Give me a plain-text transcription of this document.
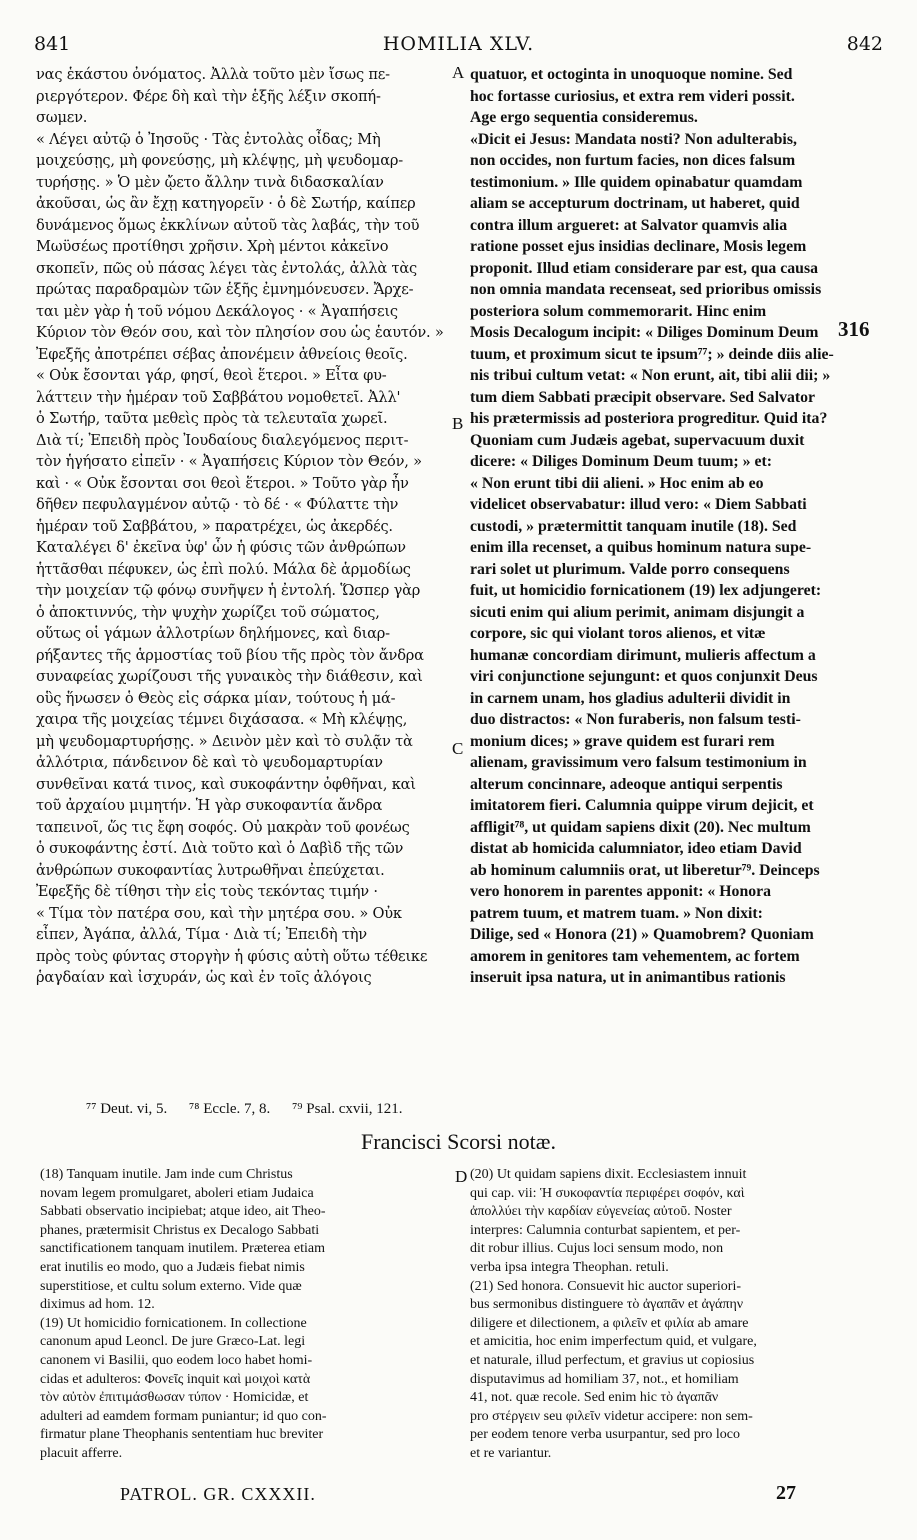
841	HOMILIA XLV.	842
νας ἑκάστου ὀνόματος. Ἀλλὰ τοῦτο μὲν ἴσως πε-
ριεργότερον. Φέρε δὴ καὶ τὴν ἑξῆς λέξιν σκοπή-
σωμεν.
« Λέγει αὐτῷ ὁ Ἰησοῦς · Τὰς ἐντολὰς οἶδας; Μὴ
μοιχεύσῃς, μὴ φονεύσῃς, μὴ κλέψῃς, μὴ ψευδομαρ-
τυρήσῃς. » Ὁ μὲν ᾤετο ἄλλην τινὰ διδασκαλίαν
ἀκοῦσαι, ὡς ἂν ἔχῃ κατηγορεῖν · ὁ δὲ Σωτήρ, καίπερ
δυνάμενος ὅμως ἐκκλίνων αὐτοῦ τὰς λαβάς, τὴν τοῦ
Μωϋσέως προτίθησι χρῆσιν. Χρὴ μέντοι κἀκεῖνο
σκοπεῖν, πῶς οὐ πάσας λέγει τὰς ἐντολάς, ἀλλὰ τὰς
πρώτας παραδραμὼν τῶν ἑξῆς ἐμνημόνευσεν. Ἄρχε-
ται μὲν γὰρ ἡ τοῦ νόμου Δεκάλογος · « Ἀγαπήσεις
Κύριον τὸν Θεόν σου, καὶ τὸν πλησίον σου ὡς ἑαυτόν. »
Ἐφεξῆς ἀποτρέπει σέβας ἀπονέμειν ἀθνείοις θεοῖς.
« Οὐκ ἔσονται γάρ, φησί, θεοὶ ἕτεροι. » Εἶτα φυ-
λάττειν τὴν ἡμέραν τοῦ Σαββάτου νομοθετεῖ. Ἀλλ'
ὁ Σωτήρ, ταῦτα μεθεὶς πρὸς τὰ τελευταῖα χωρεῖ.
Διὰ τί; Ἐπειδὴ πρὸς Ἰουδαίους διαλεγόμενος περιτ-
τὸν ἡγήσατο εἰπεῖν · « Ἀγαπήσεις Κύριον τὸν Θεόν, »
καὶ · « Οὐκ ἔσονται σοι θεοὶ ἕτεροι. » Τοῦτο γὰρ ἦν
δῆθεν πεφυλαγμένον αὐτῷ · τὸ δέ · « Φύλαττε τὴν
ἡμέραν τοῦ Σαββάτου, » παρατρέχει, ὡς ἀκερδές.
Καταλέγει δ' ἐκεῖνα ὑφ' ὧν ἡ φύσις τῶν ἀνθρώπων
ἡττᾶσθαι πέφυκεν, ὡς ἐπὶ πολύ. Μάλα δὲ ἁρμοδίως
τὴν μοιχείαν τῷ φόνῳ συνῆψεν ἡ ἐντολή. Ὥσπερ γὰρ
ὁ ἀποκτιννύς, τὴν ψυχὴν χωρίζει τοῦ σώματος,
οὕτως οἱ γάμων ἀλλοτρίων δηλήμονες, καὶ διαρ-
ρήξαντες τῆς ἁρμοστίας τοῦ βίου τῆς πρὸς τὸν ἄνδρα
συναφείας χωρίζουσι τῆς γυναικὸς τὴν διάθεσιν, καὶ
οὓς ἥνωσεν ὁ Θεὸς εἰς σάρκα μίαν, τούτους ἡ μά-
χαιρα τῆς μοιχείας τέμνει διχάσασα. « Μὴ κλέψῃς,
μὴ ψευδομαρτυρήσῃς. » Δεινὸν μὲν καὶ τὸ συλᾷν τὰ
ἀλλότρια, πάνδεινον δὲ καὶ τὸ ψευδομαρτυρίαν
συνθεῖναι κατά τινος, καὶ συκοφάντην ὀφθῆναι, καὶ
τοῦ ἀρχαίου μιμητήν. Ἡ γὰρ συκοφαντία ἄνδρα
ταπεινοῖ, ὥς τις ἔφη σοφός. Οὐ μακρὰν τοῦ φονέως
ὁ συκοφάντης ἐστί. Διὰ τοῦτο καὶ ὁ Δαβὶδ τῆς τῶν
ἀνθρώπων συκοφαντίας λυτρωθῆναι ἐπεύχεται.
Ἐφεξῆς δὲ τίθησι τὴν εἰς τοὺς τεκόντας τιμήν ·
« Τίμα τὸν πατέρα σου, καὶ τὴν μητέρα σου. » Οὐκ
εἶπεν, Ἀγάπα, ἀλλά, Τίμα · Διὰ τί; Ἐπειδὴ τὴν
πρὸς τοὺς φύντας στοργὴν ἡ φύσις αὐτὴ οὕτω τέθεικε
ῥαγδαίαν καὶ ἰσχυράν, ὡς καὶ ἐν τοῖς ἀλόγοις
quatuor, et octoginta in unoquoque nomine. Sed
hoc fortasse curiosius, et extra rem videri possit.
Age ergo sequentia consideremus.
«Dicit ei Jesus: Mandata nosti? Non adulterabis,
non occides, non furtum facies, non dices falsum
testimonium. » Ille quidem opinabatur quamdam
aliam se accepturum doctrinam, ut haberet, quid
contra illum argueret: at Salvator quamvis alia
ratione posset ejus insidias declinare, Mosis legem
proponit. Illud etiam considerare par est, qua causa
non omnia mandata recenseat, sed prioribus omissis
posteriora solum commemorarit. Hinc enim
Mosis Decalogum incipit: « Diliges Dominum Deum
tuum, et proximum sicut te ipsum⁷⁷; » deinde diis alie-
nis tribui cultum vetat: « Non erunt, ait, tibi alii dii; »
tum diem Sabbati præcipit observare. Sed Salvator
his prætermissis ad posteriora progreditur. Quid ita?
Quoniam cum Judæis agebat, supervacuum duxit
dicere: « Diliges Dominum Deum tuum; » et:
« Non erunt tibi dii alieni. » Hoc enim ab eo
videlicet observabatur: illud vero: « Diem Sabbati
custodi, » prætermittit tanquam inutile (18). Sed
enim illa recenset, a quibus hominum natura supe-
rari solet ut plurimum. Valde porro consequens
fuit, ut homicidio fornicationem (19) lex adjungeret:
sicuti enim qui alium perimit, animam disjungit a
corpore, sic qui violant toros alienos, et vitæ
humanæ concordiam dirimunt, mulieris affectum a
viri conjunctione sejungunt: et quos conjunxit Deus
in carnem unam, hos gladius adulterii dividit in
duo distractos: « Non furaberis, non falsum testi-
monium dices; » grave quidem est furari rem
alienam, gravissimum vero falsum testimonium in
alterum concinnare, adeoque antiqui serpentis
imitatorem fieri. Calumnia quippe virum dejicit, et
affligit⁷⁸, ut quidam sapiens dixit (20). Nec multum
distat ab homicida calumniator, ideo etiam David
ab hominum calumniis orat, ut liberetur⁷⁹. Deinceps
vero honorem in parentes apponit: « Honora
patrem tuum, et matrem tuam. » Non dixit:
Dilige, sed « Honora (21) » Quamobrem? Quoniam
amorem in genitores tam vehementem, ac fortem
inseruit ipsa natura, ut in animantibus rationis
A
B
C
D
316
⁷⁷ Deut. vi, 5. ⁷⁸ Eccle. 7, 8. ⁷⁹ Psal. cxvii, 121.
Francisci Scorsi notæ.
(18) Tanquam inutile. Jam inde cum Christus
novam legem promulgaret, aboleri etiam Judaica
Sabbati observatio incipiebat; atque ideo, ait Theo-
phanes, prætermisit Christus ex Decalogo Sabbati
sanctificationem tanquam inutilem. Præterea etiam
erat inutilis eo modo, quo a Judæis fiebat nimis
superstitiose, et cultu solum externo. Vide quæ
diximus ad hom. 12.
(19) Ut homicidio fornicationem. In collectione
canonum apud Leoncl. De jure Græco-Lat. legi
canonem vi Basilii, quo eodem loco habet homi-
cidas et adulteros: Φονεῖς inquit καὶ μοιχοὶ κατὰ
τὸν αὐτὸν ἐπιτιμάσθωσαν τύπον · Homicidæ, et
adulteri ad eamdem formam puniantur; id quo con-
firmatur plane Theophanis sententiam huc breviter
placuit afferre.
(20) Ut quidam sapiens dixit. Ecclesiastem innuit
qui cap. vii: Ἡ συκοφαντία περιφέρει σοφόν, καὶ
ἀπολλύει τὴν καρδίαν εὐγενείας αὐτοῦ. Noster
interpres: Calumnia conturbat sapientem, et per-
dit robur illius. Cujus loci sensum modo, non
verba ipsa integra Theophan. retuli.
(21) Sed honora. Consuevit hic auctor superiori-
bus sermonibus distinguere τὸ ἀγαπᾶν et ἀγάπην
diligere et dilectionem, a φιλεῖν et φιλία ab amare
et amicitia, hoc enim imperfectum quid, et vulgare,
et naturale, illud perfectum, et gravius ut copiosius
disputavimus ad homiliam 37, not., et homiliam
41, not. quæ recole. Sed enim hic τὸ ἀγαπᾶν
pro στέργειν seu φιλεῖν videtur accipere: non sem-
per eodem tenore verba usurpantur, sed pro loco
et re variantur.
PATROL. GR. CXXXII.	27
